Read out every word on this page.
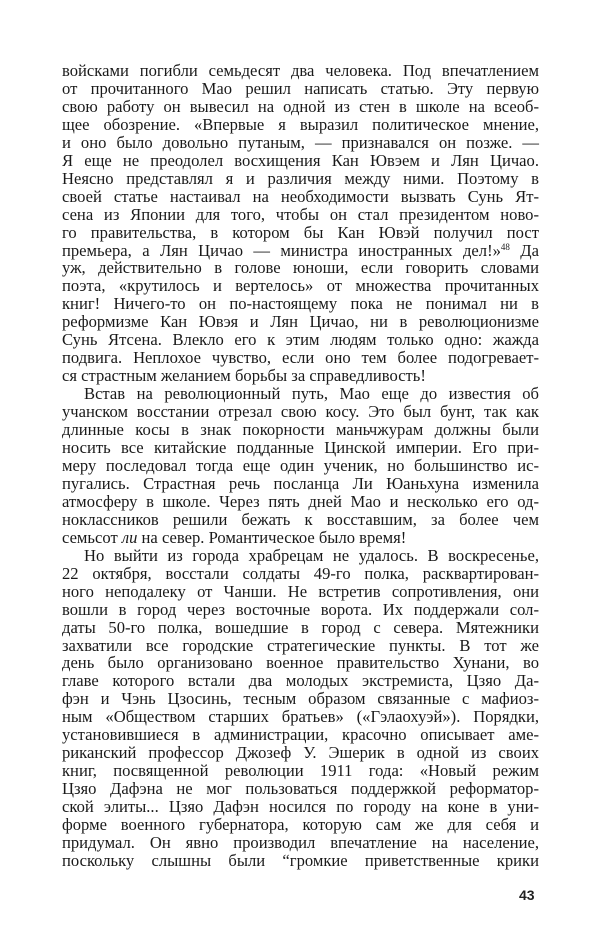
войсками погибли семьдесят два человека. Под впечатлением
от прочитанного Мао решил написать статью. Эту первую
свою работу он вывесил на одной из стен в школе на всеоб-
щее обозрение. «Впервые я выразил политическое мнение,
и оно было довольно путаным, — признавался он позже. —
Я еще не преодолел восхищения Кан Ювэем и Лян Цичао.
Неясно представлял я и различия между ними. Поэтому в
своей статье настаивал на необходимости вызвать Сунь Ят-
сена из Японии для того, чтобы он стал президентом ново-
го правительства, в котором бы Кан Ювэй получил пост
премьера, а Лян Цичао — министра иностранных дел!»$^{48}$ Да
уж, действительно в голове юноши, если говорить словами
поэта, «крутилось и вертелось» от множества прочитанных
книг! Ничего-то он по-настоящему пока не понимал ни в
реформизме Кан Ювэя и Лян Цичао, ни в революционизме
Сунь Ятсена. Влекло его к этим людям только одно: жажда
подвига. Неплохое чувство, если оно тем более подогревает-
ся страстным желанием борьбы за справедливость!
Встав на революционный путь, Мао еще до известия об
учанском восстании отрезал свою косу. Это был бунт, так как
длинные косы в знак покорности маньчжурам должны были
носить все китайские подданные Цинской империи. Его при-
меру последовал тогда еще один ученик, но большинство ис-
пугались. Страстная речь посланца Ли Юаньхуна изменила
атмосферу в школе. Через пять дней Мао и несколько его од-
ноклассников решили бежать к восставшим, за более чем
семьсот ли на север. Романтическое было время!
Но выйти из города храбрецам не удалось. В воскресенье,
22 октября, восстали солдаты 49-го полка, расквартирован-
ного неподалеку от Чанши. Не встретив сопротивления, они
вошли в город через восточные ворота. Их поддержали сол-
даты 50-го полка, вошедшие в город с севера. Мятежники
захватили все городские стратегические пункты. В тот же
день было организовано военное правительство Хунани, во
главе которого встали два молодых экстремиста, Цзяо Да-
фэн и Чэнь Цзосинь, тесным образом связанные с мафиоз-
ным «Обществом старших братьев» («Гэлаохуэй»). Порядки,
установившиеся в администрации, красочно описывает аме-
риканский профессор Джозеф У. Эшерик в одной из своих
книг, посвященной революции 1911 года: «Новый режим
Цзяо Дафэна не мог пользоваться поддержкой реформатор-
ской элиты... Цзяо Дафэн носился по городу на коне в уни-
форме военного губернатора, которую сам же для себя и
придумал. Он явно производил впечатление на население,
поскольку слышны были “громкие приветственные крики
43
